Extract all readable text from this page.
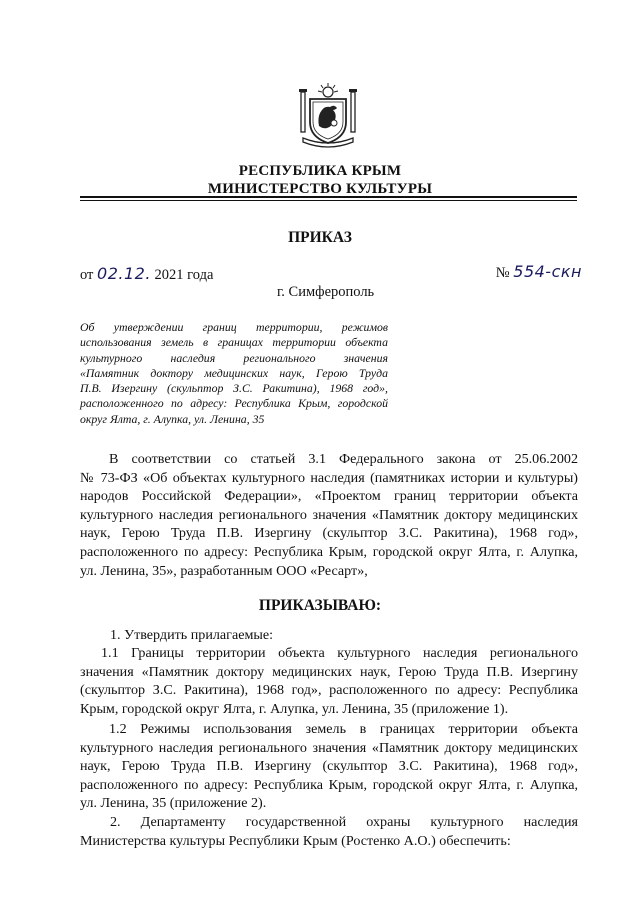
РЕСПУБЛИКА КРЫМ
МИНИСТЕРСТВО КУЛЬТУРЫ
ПРИКАЗ
от 02.12. 2021 года	№ 554-скн
г. Симферополь
Об утверждении границ территории, режимов
использования земель в границах территории объекта
культурного наследия регионального значения
«Памятник доктору медицинских наук, Герою Труда
П.В. Изергину (скульптор З.С. Ракитина), 1968 год»,
расположенного по адресу: Республика Крым, городской
округ Ялта, г. Алупка, ул. Ленина, 35
В соответствии со статьей 3.1 Федерального закона от 25.06.2002
№ 73-ФЗ «Об объектах культурного наследия (памятниках истории и культуры)
народов Российской Федерации», «Проектом границ территории объекта
культурного наследия регионального значения «Памятник доктору медицинских
наук, Герою Труда П.В. Изергину (скульптор З.С. Ракитина), 1968 год»,
расположенного по адресу: Республика Крым, городской округ Ялта, г. Алупка,
ул. Ленина, 35», разработанным ООО «Ресарт»,
ПРИКАЗЫВАЮ:
1. Утвердить прилагаемые:
1.1 Границы территории объекта культурного наследия регионального
значения «Памятник доктору медицинских наук, Герою Труда П.В. Изергину
(скульптор З.С. Ракитина), 1968 год», расположенного по адресу: Республика
Крым, городской округ Ялта, г. Алупка, ул. Ленина, 35 (приложение 1).
1.2 Режимы использования земель в границах территории объекта
культурного наследия регионального значения «Памятник доктору медицинских
наук, Герою Труда П.В. Изергину (скульптор З.С. Ракитина), 1968 год»,
расположенного по адресу: Республика Крым, городской округ Ялта, г. Алупка,
ул. Ленина, 35 (приложение 2).
2. Департаменту государственной охраны культурного наследия
Министерства культуры Республики Крым (Ростенко А.О.) обеспечить:
